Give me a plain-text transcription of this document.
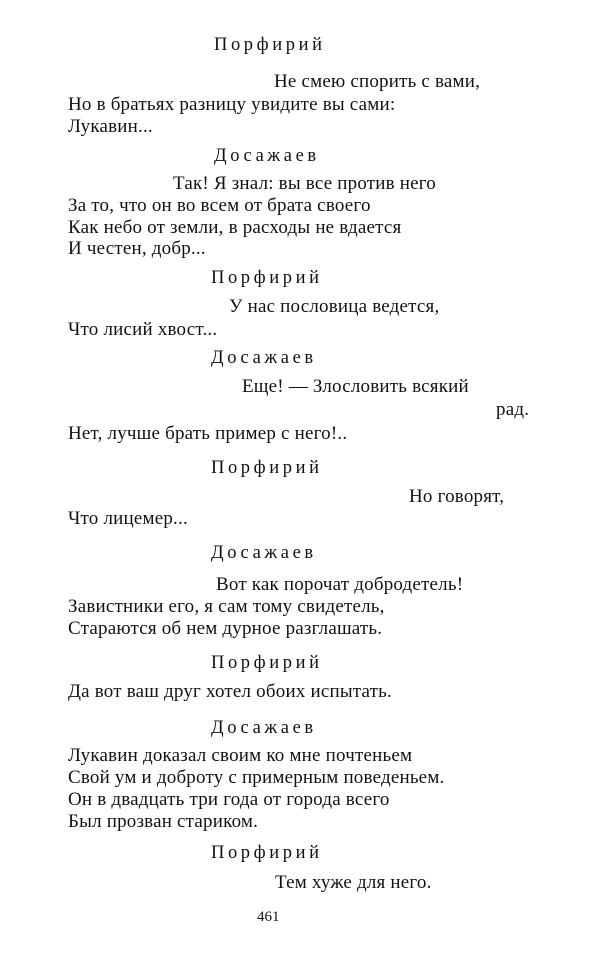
Порфирий
Не смею спорить с вами,
Но в братьях разницу увидите вы сами:
Лукавин...
Досажаев
Так! Я знал: вы все против него
За то, что он во всем от брата своего
Как небо от земли, в расходы не вдается
И честен, добр...
Порфирий
У нас пословица ведется,
Что лисий хвост...
Досажаев
Еще! — Злословить всякий
рад.
Нет, лучше брать пример с него!..
Порфирий
Но говорят,
Что лицемер...
Досажаев
Вот как порочат добродетель!
Завистники его, я сам тому свидетель,
Стараются об нем дурное разглашать.
Порфирий
Да вот ваш друг хотел обоих испытать.
Досажаев
Лукавин доказал своим ко мне почтеньем
Свой ум и доброту с примерным поведеньем.
Он в двадцать три года от города всего
Был прозван стариком.
Порфирий
Тем хуже для него.
461
